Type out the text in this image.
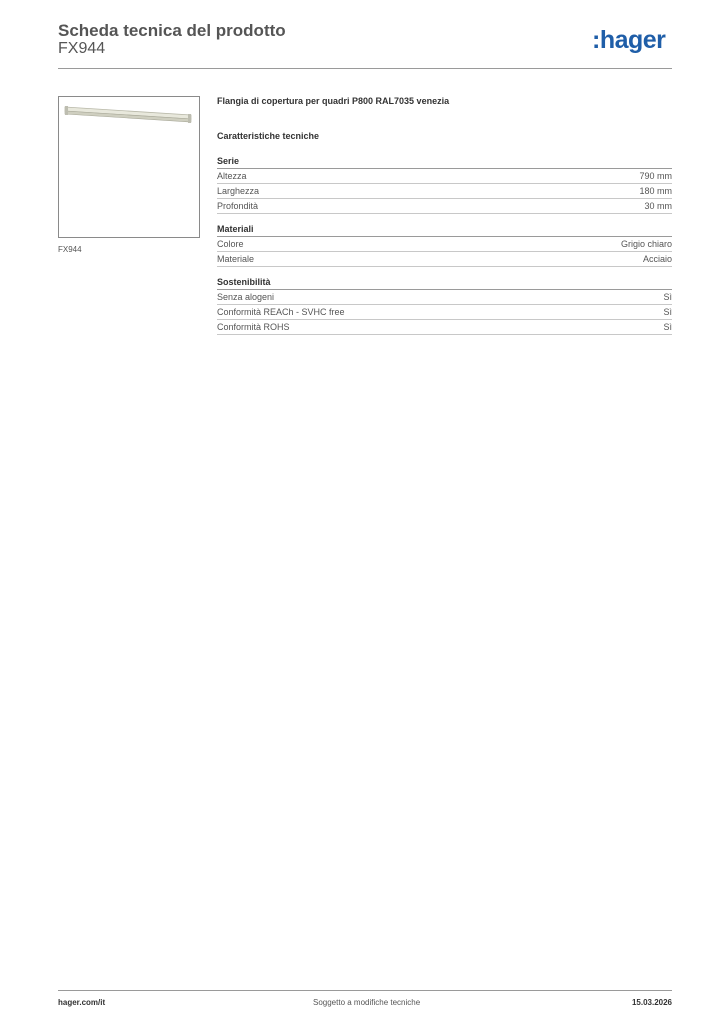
Scheda tecnica del prodotto
FX944	:hager
FX944
Flangia di copertura per quadri P800 RAL7035 venezia
Caratteristiche tecniche
Serie
Altezza	790 mm
Larghezza	180 mm
Profondità	30 mm
Materiali
Colore	Grigio chiaro
Materiale	Acciaio
Sostenibilità
Senza alogeni	Sì
Conformità REACh - SVHC free	Sì
Conformità ROHS	Sì
hager.com/it	Soggetto a modifiche tecniche	15.03.2026
